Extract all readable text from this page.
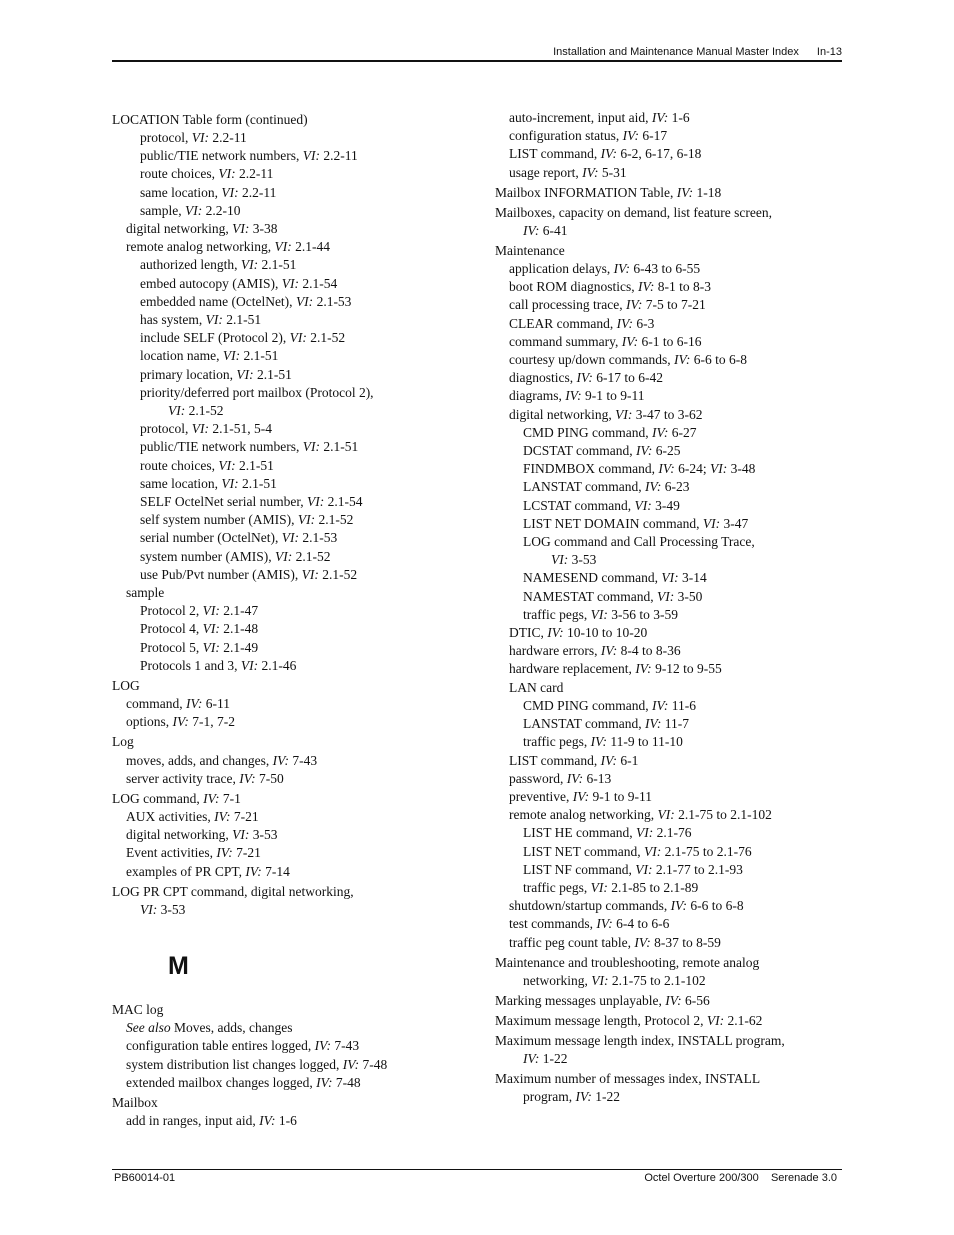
Installation and Maintenance Manual Master Index In-13
LOCATION Table form (continued)
protocol, VI: 2.2-11
public/TIE network numbers, VI: 2.2-11
route choices, VI: 2.2-11
same location, VI: 2.2-11
sample, VI: 2.2-10
digital networking, VI: 3-38
remote analog networking, VI: 2.1-44
authorized length, VI: 2.1-51
embed autocopy (AMIS), VI: 2.1-54
embedded name (OctelNet), VI: 2.1-53
has system, VI: 2.1-51
include SELF (Protocol 2), VI: 2.1-52
location name, VI: 2.1-51
primary location, VI: 2.1-51
priority/deferred port mailbox (Protocol 2),
VI: 2.1-52
protocol, VI: 2.1-51, 5-4
public/TIE network numbers, VI: 2.1-51
route choices, VI: 2.1-51
same location, VI: 2.1-51
SELF OctelNet serial number, VI: 2.1-54
self system number (AMIS), VI: 2.1-52
serial number (OctelNet), VI: 2.1-53
system number (AMIS), VI: 2.1-52
use Pub/Pvt number (AMIS), VI: 2.1-52
sample
Protocol 2, VI: 2.1-47
Protocol 4, VI: 2.1-48
Protocol 5, VI: 2.1-49
Protocols 1 and 3, VI: 2.1-46
LOG
command, IV: 6-11
options, IV: 7-1, 7-2
Log
moves, adds, and changes, IV: 7-43
server activity trace, IV: 7-50
LOG command, IV: 7-1
AUX activities, IV: 7-21
digital networking, VI: 3-53
Event activities, IV: 7-21
examples of PR CPT, IV: 7-14
LOG PR CPT command, digital networking,
VI: 3-53
M
MAC log
See also Moves, adds, changes
configuration table entires logged, IV: 7-43
system distribution list changes logged, IV: 7-48
extended mailbox changes logged, IV: 7-48
Mailbox
add in ranges, input aid, IV: 1-6
auto-increment, input aid, IV: 1-6
configuration status, IV: 6-17
LIST command, IV: 6-2, 6-17, 6-18
usage report, IV: 5-31
Mailbox INFORMATION Table, IV: 1-18
Mailboxes, capacity on demand, list feature screen,
IV: 6-41
Maintenance
application delays, IV: 6-43 to 6-55
boot ROM diagnostics, IV: 8-1 to 8-3
call processing trace, IV: 7-5 to 7-21
CLEAR command, IV: 6-3
command summary, IV: 6-1 to 6-16
courtesy up/down commands, IV: 6-6 to 6-8
diagnostics, IV: 6-17 to 6-42
diagrams, IV: 9-1 to 9-11
digital networking, VI: 3-47 to 3-62
CMD PING command, IV: 6-27
DCSTAT command, IV: 6-25
FINDMBOX command, IV: 6-24; VI: 3-48
LANSTAT command, IV: 6-23
LCSTAT command, VI: 3-49
LIST NET DOMAIN command, VI: 3-47
LOG command and Call Processing Trace,
VI: 3-53
NAMESEND command, VI: 3-14
NAMESTAT command, VI: 3-50
traffic pegs, VI: 3-56 to 3-59
DTIC, IV: 10-10 to 10-20
hardware errors, IV: 8-4 to 8-36
hardware replacement, IV: 9-12 to 9-55
LAN card
CMD PING command, IV: 11-6
LANSTAT command, IV: 11-7
traffic pegs, IV: 11-9 to 11-10
LIST command, IV: 6-1
password, IV: 6-13
preventive, IV: 9-1 to 9-11
remote analog networking, VI: 2.1-75 to 2.1-102
LIST HE command, VI: 2.1-76
LIST NET command, VI: 2.1-75 to 2.1-76
LIST NF command, VI: 2.1-77 to 2.1-93
traffic pegs, VI: 2.1-85 to 2.1-89
shutdown/startup commands, IV: 6-6 to 6-8
test commands, IV: 6-4 to 6-6
traffic peg count table, IV: 8-37 to 8-59
Maintenance and troubleshooting, remote analog
networking, VI: 2.1-75 to 2.1-102
Marking messages unplayable, IV: 6-56
Maximum message length, Protocol 2, VI: 2.1-62
Maximum message length index, INSTALL program,
IV: 1-22
Maximum number of messages index, INSTALL
program, IV: 1-22
PB60014-01	Octel Overture 200/300    Serenade 3.0
